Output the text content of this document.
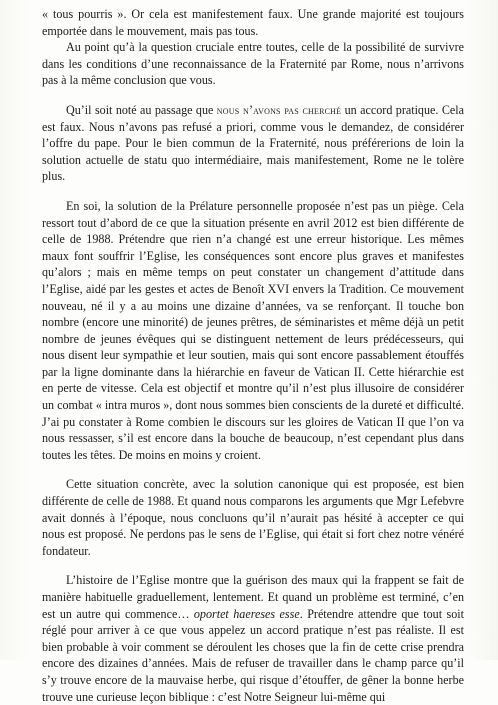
« tous pourris ». Or cela est manifestement faux. Une grande majorité est toujours emportée dans le mouvement, mais pas tous.

Au point qu’à la question cruciale entre toutes, celle de la possibilité de survivre dans les conditions d’une reconnaissance de la Fraternité par Rome, nous n’arrivons pas à la même conclusion que vous.

Qu’il soit noté au passage que nous n’avons pas cherché un accord pratique. Cela est faux. Nous n’avons pas refusé a priori, comme vous le demandez, de considérer l’offre du pape. Pour le bien commun de la Fraternité, nous préférerions de loin la solution actuelle de statu quo intermédiaire, mais manifestement, Rome ne le tolère plus.

En soi, la solution de la Prélature personnelle proposée n’est pas un piège. Cela ressort tout d’abord de ce que la situation présente en avril 2012 est bien différente de celle de 1988. Prétendre que rien n’a changé est une erreur historique. Les mêmes maux font souffrir l’Eglise, les conséquences sont encore plus graves et manifestes qu’alors ; mais en même temps on peut constater un changement d’attitude dans l’Eglise, aidé par les gestes et actes de Benoît XVI envers la Tradition. Ce mouvement nouveau, né il y a au moins une dizaine d’années, va se renforçant. Il touche bon nombre (encore une minorité) de jeunes prêtres, de séminaristes et même déjà un petit nombre de jeunes évêques qui se distinguent nettement de leurs prédécesseurs, qui nous disent leur sympathie et leur soutien, mais qui sont encore passablement étouffés par la ligne dominante dans la hiérarchie en faveur de Vatican II. Cette hiérarchie est en perte de vitesse. Cela est objectif et montre qu’il n’est plus illusoire de considérer un combat « intra muros », dont nous sommes bien conscients de la dureté et difficulté. J’ai pu constater à Rome combien le discours sur les gloires de Vatican II que l’on va nous ressasser, s’il est encore dans la bouche de beaucoup, n’est cependant plus dans toutes les têtes. De moins en moins y croient.

Cette situation concrète, avec la solution canonique qui est proposée, est bien différente de celle de 1988. Et quand nous comparons les arguments que Mgr Lefebvre avait donnés à l’époque, nous concluons qu’il n’aurait pas hésité à accepter ce qui nous est proposé. Ne perdons pas le sens de l’Eglise, qui était si fort chez notre vénéré fondateur.

L’histoire de l’Eglise montre que la guérison des maux qui la frappent se fait de manière habituelle graduellement, lentement. Et quand un problème est terminé, c’en est un autre qui commence… oportet haereses esse. Prétendre attendre que tout soit réglé pour arriver à ce que vous appelez un accord pratique n’est pas réaliste. Il est bien probable à voir comment se déroulent les choses que la fin de cette crise prendra encore des dizaines d’années. Mais de refuser de travailler dans le champ parce qu’il s’y trouve encore de la mauvaise herbe, qui risque d’étouffer, de gêner la bonne herbe trouve une curieuse leçon biblique : c’est Notre Seigneur lui-même qui
